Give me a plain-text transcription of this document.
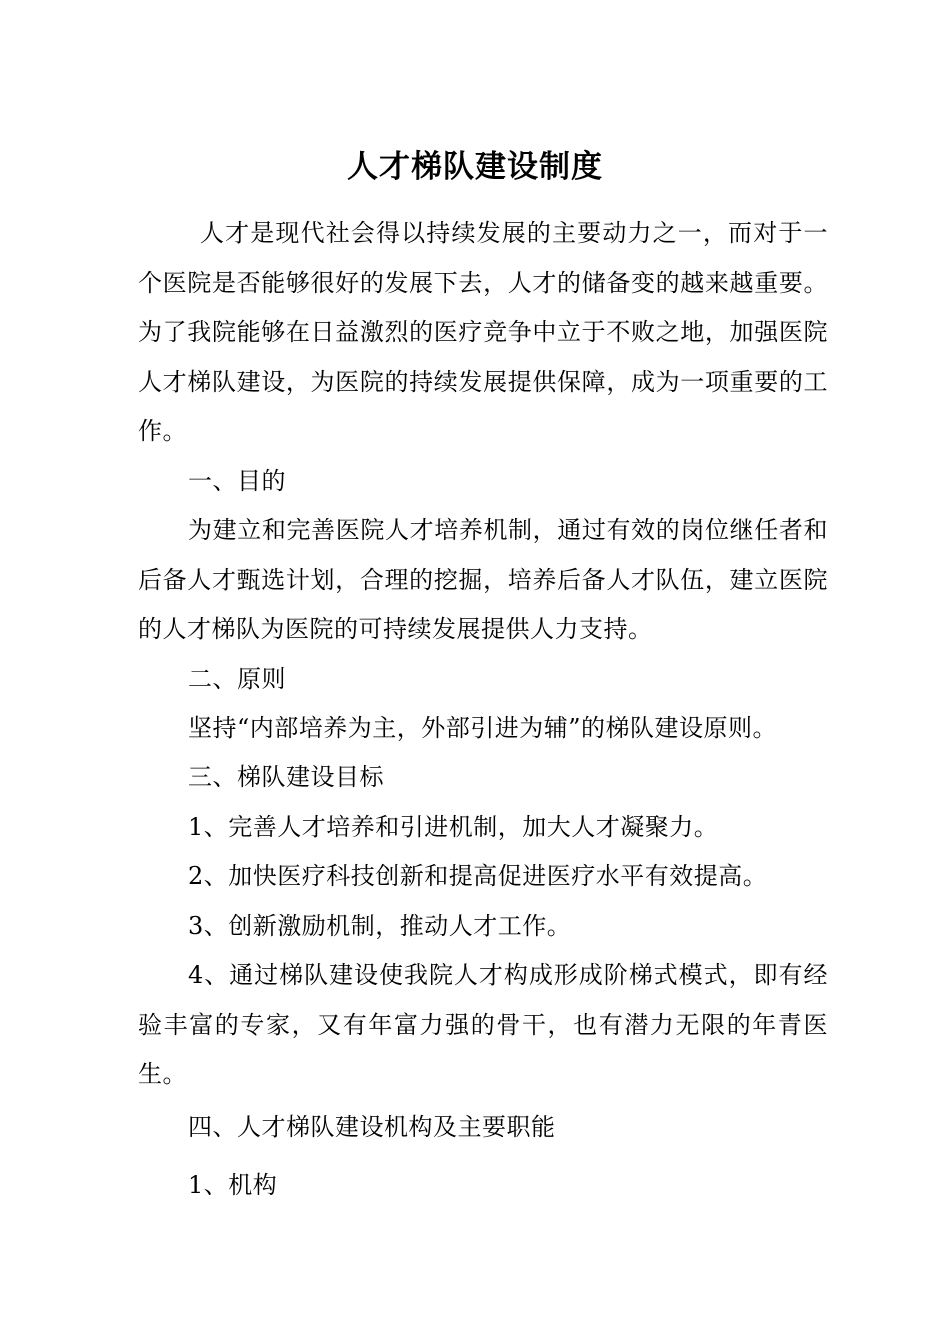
人才梯队建设制度

人才是现代社会得以持续发展的主要动力之一，而对于一个医院是否能够很好的发展下去，人才的储备变的越来越重要。为了我院能够在日益激烈的医疗竞争中立于不败之地，加强医院人才梯队建设，为医院的持续发展提供保障，成为一项重要的工作。

一、目的

为建立和完善医院人才培养机制，通过有效的岗位继任者和后备人才甄选计划，合理的挖掘，培养后备人才队伍，建立医院的人才梯队为医院的可持续发展提供人力支持。

二、原则

坚持“内部培养为主，外部引进为辅”的梯队建设原则。

三、梯队建设目标

1、完善人才培养和引进机制，加大人才凝聚力。

2、加快医疗科技创新和提高促进医疗水平有效提高。

3、创新激励机制，推动人才工作。

4、通过梯队建设使我院人才构成形成阶梯式模式，即有经验丰富的专家，又有年富力强的骨干，也有潜力无限的年青医生。

四、人才梯队建设机构及主要职能

1、机构
